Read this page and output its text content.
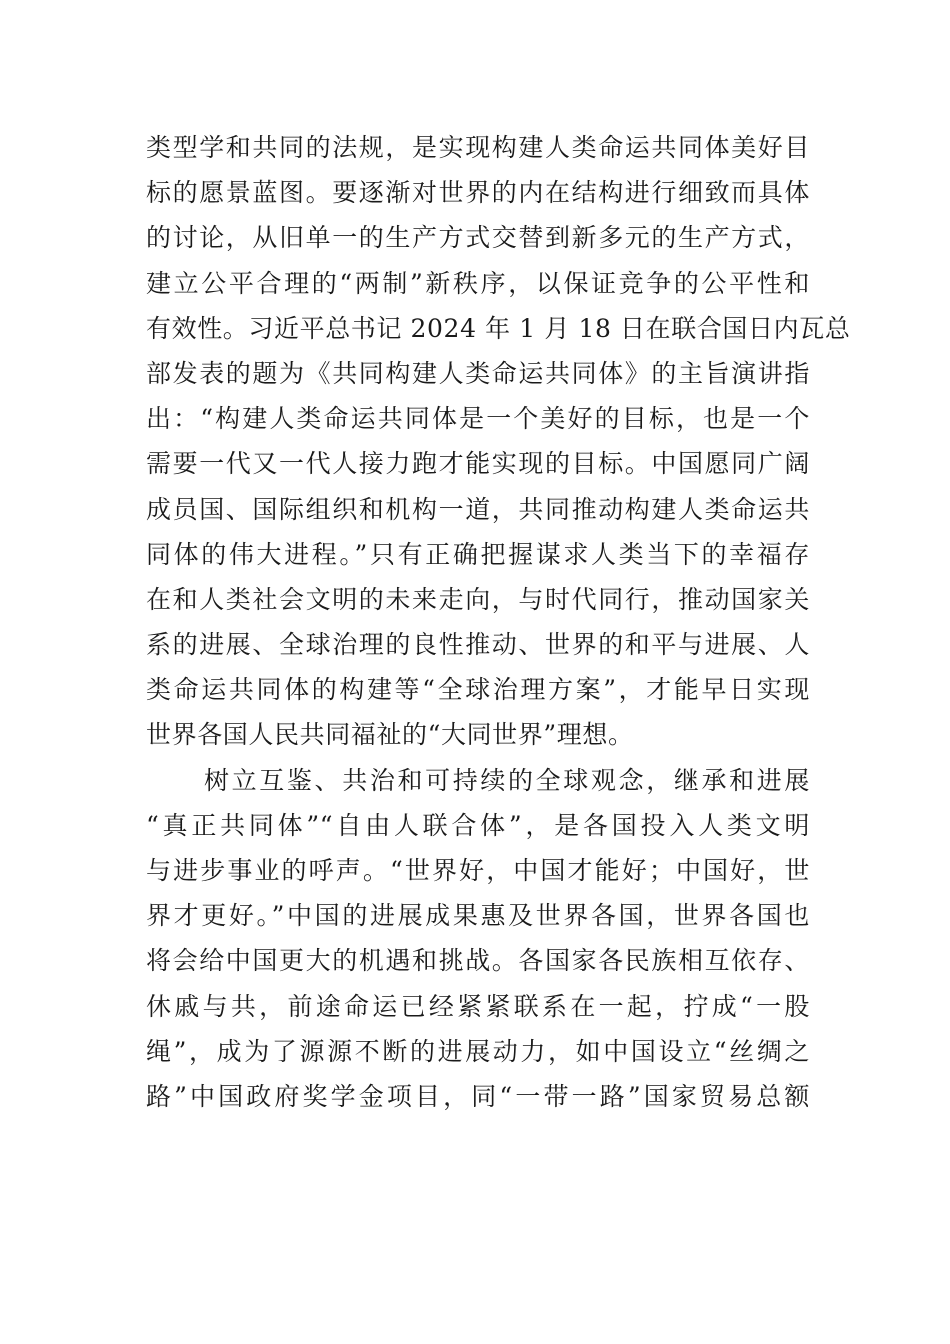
类型学和共同的法规，是实现构建人类命运共同体美好目
标的愿景蓝图。要逐渐对世界的内在结构进行细致而具体
的讨论，从旧单一的生产方式交替到新多元的生产方式，
建立公平合理的“两制”新秩序，以保证竞争的公平性和
有效性。习近平总书记 2024 年 1 月 18 日在联合国日内瓦总
部发表的题为《共同构建人类命运共同体》的主旨演讲指
出：“构建人类命运共同体是一个美好的目标，也是一个
需要一代又一代人接力跑才能实现的目标。中国愿同广阔
成员国、国际组织和机构一道，共同推动构建人类命运共
同体的伟大进程。”只有正确把握谋求人类当下的幸福存
在和人类社会文明的未来走向，与时代同行，推动国家关
系的进展、全球治理的良性推动、世界的和平与进展、人
类命运共同体的构建等“全球治理方案”，才能早日实现
世界各国人民共同福祉的“大同世界”理想。
树立互鉴、共治和可持续的全球观念，继承和进展
“真正共同体”“自由人联合体”，是各国投入人类文明
与进步事业的呼声。“世界好，中国才能好；中国好，世
界才更好。”中国的进展成果惠及世界各国，世界各国也
将会给中国更大的机遇和挑战。各国家各民族相互依存、
休戚与共，前途命运已经紧紧联系在一起，拧成“一股
绳”，成为了源源不断的进展动力，如中国设立“丝绸之
路”中国政府奖学金项目，同“一带一路”国家贸易总额
